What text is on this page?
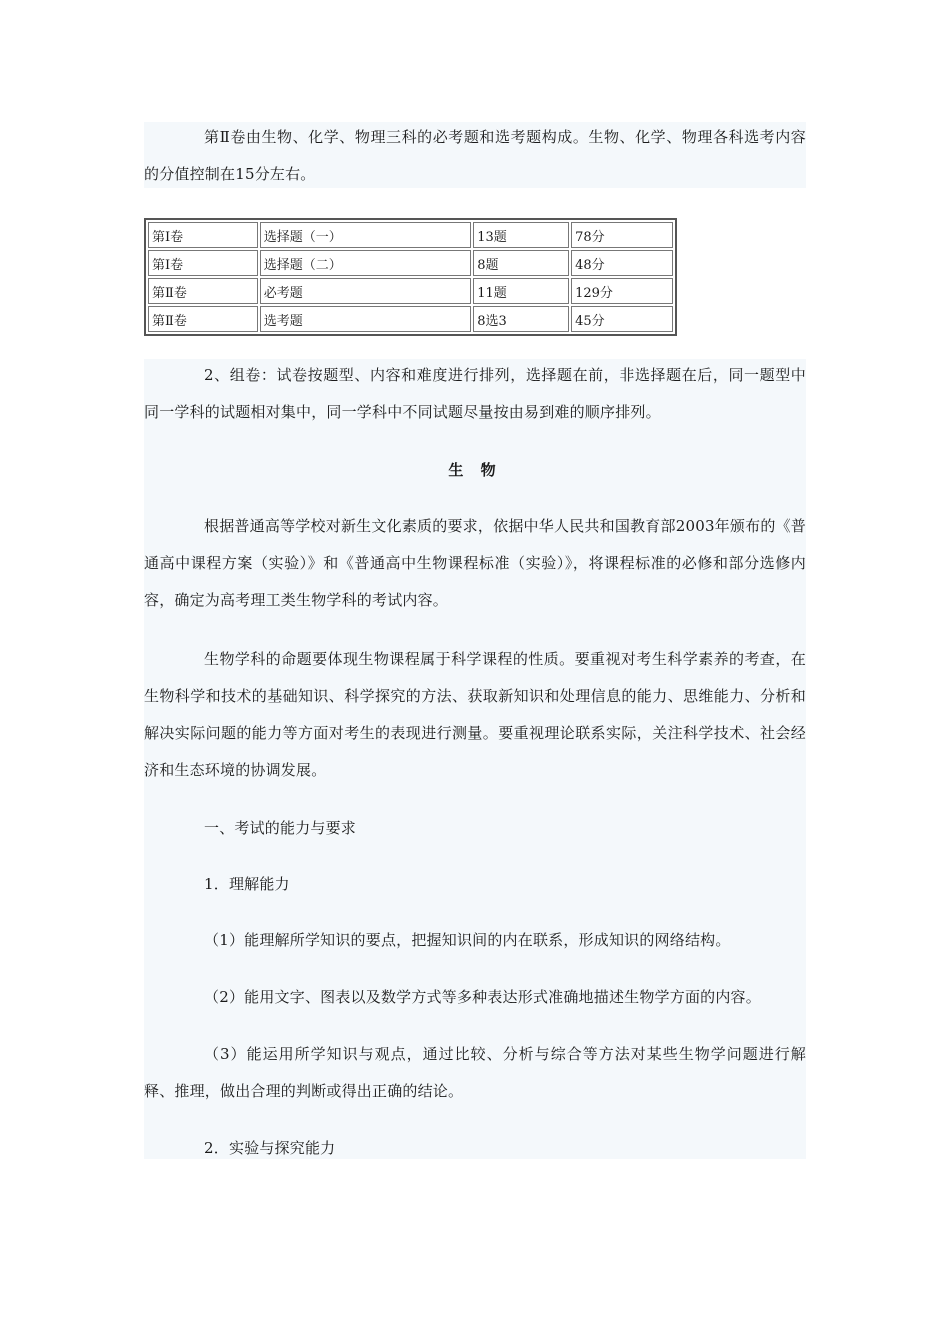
第Ⅱ卷由生物、化学、物理三科的必考题和选考题构成。生物、化学、物理各科选考内容的分值控制在15分左右。

第Ⅰ卷	选择题（一）	13题	78分
第Ⅰ卷	选择题（二）	8题	48分
第Ⅱ卷	必考题	11题	129分
第Ⅱ卷	选考题	8选3	45分

2、组卷：试卷按题型、内容和难度进行排列，选择题在前，非选择题在后，同一题型中同一学科的试题相对集中，同一学科中不同试题尽量按由易到难的顺序排列。

生 物

根据普通高等学校对新生文化素质的要求，依据中华人民共和国教育部2003年颁布的《普通高中课程方案（实验）》和《普通高中生物课程标准（实验）》，将课程标准的必修和部分选修内容，确定为高考理工类生物学科的考试内容。

生物学科的命题要体现生物课程属于科学课程的性质。要重视对考生科学素养的考查，在生物科学和技术的基础知识、科学探究的方法、获取新知识和处理信息的能力、思维能力、分析和解决实际问题的能力等方面对考生的表现进行测量。要重视理论联系实际，关注科学技术、社会经济和生态环境的协调发展。

一、考试的能力与要求

1．理解能力

（1）能理解所学知识的要点，把握知识间的内在联系，形成知识的网络结构。

（2）能用文字、图表以及数学方式等多种表达形式准确地描述生物学方面的内容。

（3）能运用所学知识与观点，通过比较、分析与综合等方法对某些生物学问题进行解释、推理，做出合理的判断或得出正确的结论。

2．实验与探究能力
